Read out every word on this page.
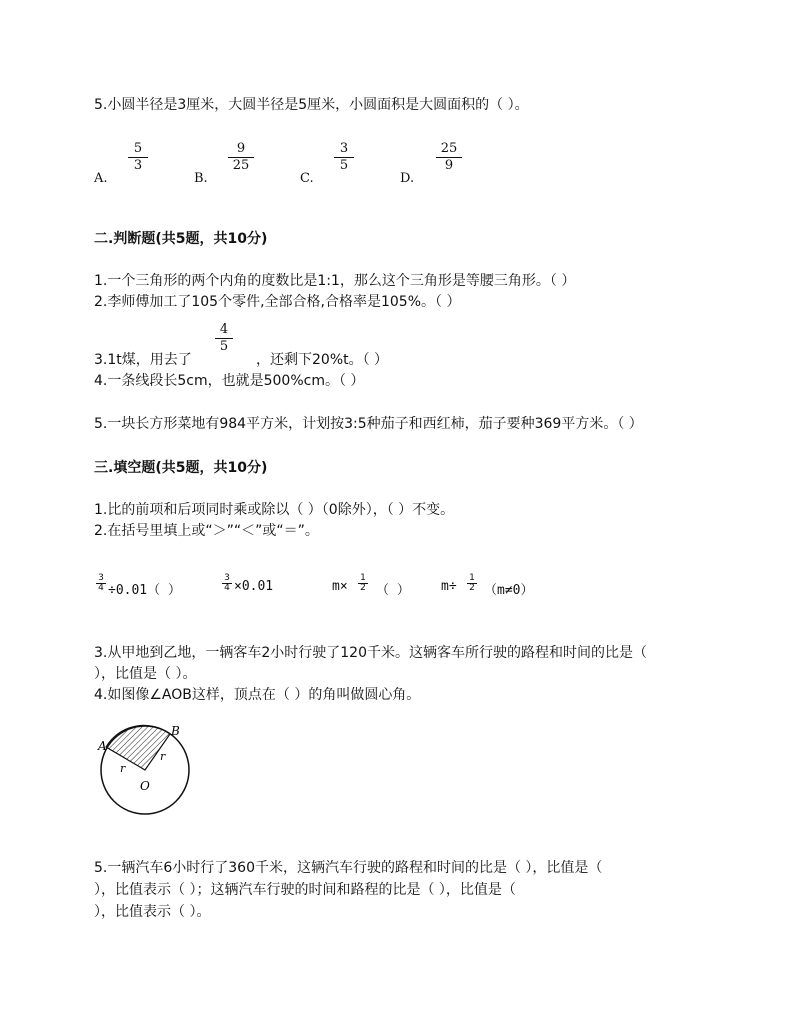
5.小圆半径是3厘米，大圆半径是5厘米，小圆面积是大圆面积的（ ）。
$\frac{5}{3}$
A.
$\frac{9}{25}$
B.
$\frac{3}{5}$
C.
$\frac{25}{9}$
D.
二.判断题(共5题，共10分)
1.一个三角形的两个内角的度数比是1:1，那么这个三角形是等腰三角形。（ ）
2.李师傅加工了105个零件,全部合格,合格率是105%。（ ）
3.1t煤，用去了
$\frac{4}{5}$
，还剩下20%t。（ ）
4.一条线段长5cm，也就是500%cm。（ ）
5.一块长方形菜地有984平方米，计划按3:5种茄子和西红柿，茄子要种369平方米。（ ）
三.填空题(共5题，共10分)
1.比的前项和后项同时乘或除以（ ）（0除外），（ ）不变。
2.在括号里填上或“＞”“＜”或“＝”。
$\frac{3}{4} \div 0.01$（ ）	$\frac{3}{4} \times 0.01$	$m\times \frac{1}{2}$ （ ） $m\div \frac{1}{2} (m\ne 0)$
3.从甲地到乙地，一辆客车2小时行驶了120千米。这辆客车所行驶的路程和时间的比是（
），比值是（ ）。
4.如图像∠AOB这样，顶点在（ ）的角叫做圆心角。
A
B
O
r
r
5.一辆汽车6小时行了360千米，这辆汽车行驶的路程和时间的比是（ ），比值是（
），比值表示（ ）；这辆汽车行驶的时间和路程的比是（ ），比值是（
），比值表示（ ）。
